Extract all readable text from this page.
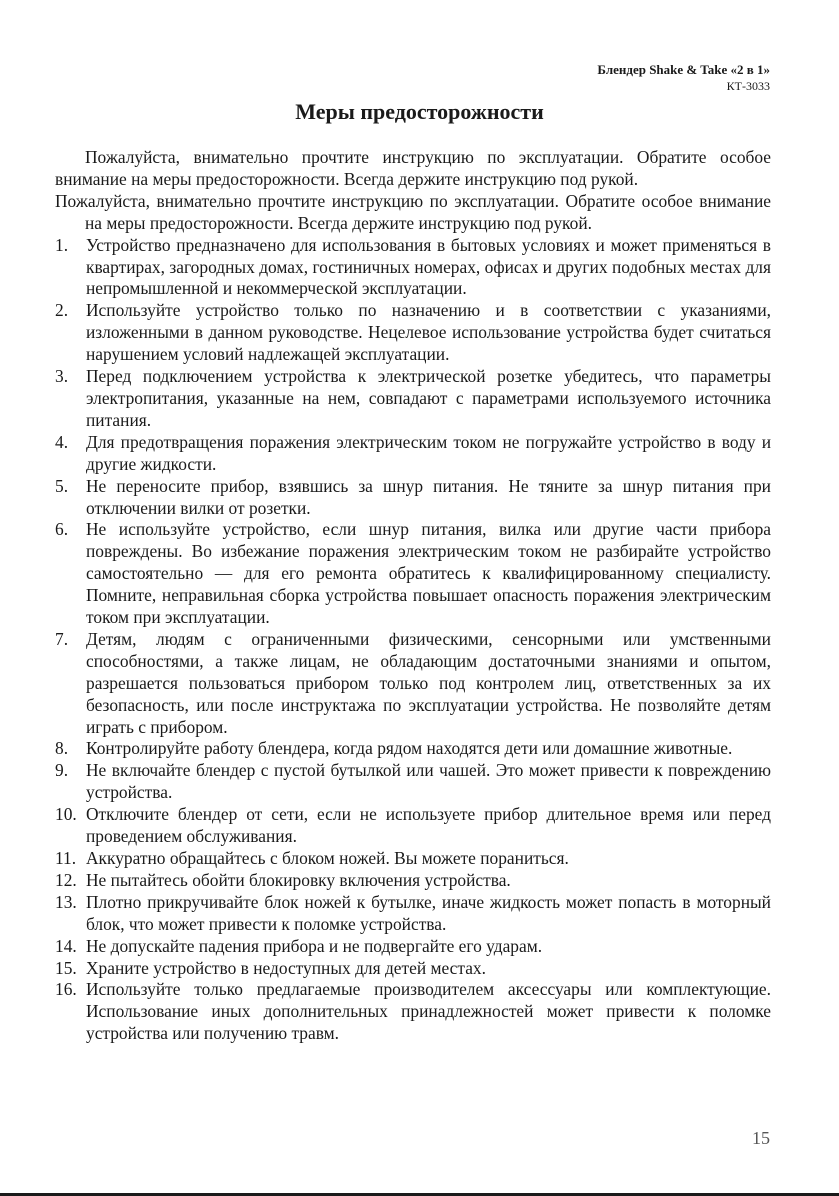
Блендер Shake & Take «2 в 1»
КТ-3033
Меры предосторожности

Пожалуйста, внимательно прочтите инструкцию по эксплуатации. Обратите особое внимание на меры предосторожности. Всегда держите инструкцию под рукой.

Пожалуйста, внимательно прочтите инструкцию по эксплуатации. Обратите особое внимание на меры предосторожности. Всегда держите инструкцию под рукой.

1. Устройство предназначено для использования в бытовых условиях и может применяться в квартирах, загородных домах, гостиничных номерах, офисах и других подобных местах для непромышленной и некоммерческой эксплуатации.
2. Используйте устройство только по назначению и в соответствии с указаниями, изложенными в данном руководстве. Нецелевое использование устройства будет считаться нарушением условий надлежащей эксплуатации.
3. Перед подключением устройства к электрической розетке убедитесь, что параметры электропитания, указанные на нем, совпадают с параметрами используемого источника питания.
4. Для предотвращения поражения электрическим током не погружайте устройство в воду и другие жидкости.
5. Не переносите прибор, взявшись за шнур питания. Не тяните за шнур питания при отключении вилки от розетки.
6. Не используйте устройство, если шнур питания, вилка или другие части прибора повреждены. Во избежание поражения электрическим током не разбирайте устройство самостоятельно — для его ремонта обратитесь к квалифицированному специалисту. Помните, неправильная сборка устройства повышает опасность поражения электрическим током при эксплуатации.
7. Детям, людям с ограниченными физическими, сенсорными или умственными способностями, а также лицам, не обладающим достаточными знаниями и опытом, разрешается пользоваться прибором только под контролем лиц, ответственных за их безопасность, или после инструктажа по эксплуатации устройства. Не позволяйте детям играть с прибором.
8. Контролируйте работу блендера, когда рядом находятся дети или домашние животные.
9. Не включайте блендер с пустой бутылкой или чашей. Это может привести к повреждению устройства.
10. Отключите блендер от сети, если не используете прибор длительное время или перед проведением обслуживания.
11. Аккуратно обращайтесь с блоком ножей. Вы можете пораниться.
12. Не пытайтесь обойти блокировку включения устройства.
13. Плотно прикручивайте блок ножей к бутылке, иначе жидкость может попасть в моторный блок, что может привести к поломке устройства.
14. Не допускайте падения прибора и не подвергайте его ударам.
15. Храните устройство в недоступных для детей местах.
16. Используйте только предлагаемые производителем аксессуары или комплектующие. Использование иных дополнительных принадлежностей может привести к поломке устройства или получению травм.
15
